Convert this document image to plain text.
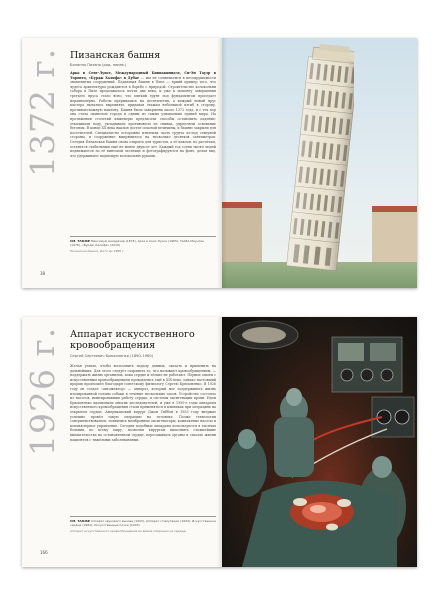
1372 г. Пизанская башня
Бонанно Пизано (род. неизв.)
Арка в Сент-Луисе, Международный Бивиакинидзе, Си-Эн Тауэр в Торонто, «Бурдж Халифа» в Дубае — мы не сомневаемся в несокрушимости знаменитых сооружений. Падающая башня в Пизе — яркий пример того, что чудеса архитектуры рождаются в борьбе с природой. Строительство колокольни собора в Пизе продолжалось почти два века, и уже к моменту завершения третьего яруса стало ясно, что мягкий грунт под фундаментом проседает неравномерно. Работы прерывались на десятилетия, а каждый новый ярус мастера пытались выровнять, придавая этажам небольшой изгиб в сторону, противоположную наклону. Башня была завершена около 1372 года, и с тех пор она стала символом города и одним из самых узнаваемых зданий мира. На протяжении столетий инженеры предлагали способы остановить падение: откачивали воду, укладывали противовесы из свинца, укрепляли основание бетоном. В конце XX века наклон достиг опасной величины, и башню закрыли для посетителей. Специалисты осторожно извлекли часть грунта из-под северной стороны, и сооружение выпрямилось на несколько десятков сантиметров. Сегодня Пизанская башня снова открыта для туристов, а её наклон, по расчётам, останется стабильным ещё не менее двухсот лет. Каждый год сотни тысяч людей поднимаются по её винтовой лестнице и фотографируются на фоне, делая вид, что удерживают падающую колокольню руками.
СМ. ТАКЖЕ Максимум Анкарачев (1874), Арка в Сент-Луисе (1965), Тейбл-Маунтин (1978), «Бурдж Халифа» (2010)
Пизанская башня, фото до 1890 г.
38
1926 г. Аппарат искусственного кровообращения
Сергей Сергеевич Брюхоненко (1890–1960)
Желая узнать, чтобы восполнить подачу данных, сказать и применить на дальнейших. Для этого следует сохранить то, что называют кровообращением, — поддержать жизнь организма, пока сердце и лёгкие не работают. Первые опыты с искусственным кровообращением проводились ещё в XIX веке, однако настоящий прорыв произошёл благодаря советскому физиологу Сергею Брюхоненко. В 1926 году он создал «автожектор» — аппарат, который мог поддерживать жизнь изолированной головы собаки в течение нескольких часов. Устройство состояло из насосов, имитировавших работу сердца, и системы оксигенации крови. Идеи Брюхоненко вдохновили многих исследователей, и уже в 1950-е годы аппараты искусственного кровообращения стали применяться в клиниках при операциях на открытом сердце. Американский хирург Джон Гиббон в 1953 году впервые успешно провёл такую операцию на человеке. Позже технологии совершенствовались: появились мембранные оксигенаторы, компактные насосы и компьютерное управление. Сегодня подобные аппараты используются в тысячах больниц по всему миру, позволяя хирургам выполнять сложнейшие вмешательства на остановленном сердце, пересаживать органы и спасать жизни пациентов с тяжёлыми заболеваниями.
СМ. ТАКЖЕ Аппарат звукового вызова (1903), Аппарат стимуляции (1932), Искусственное сердце (1982), Искусственные почки (1943)
Аппарат искусственного кровообращения во время операции на сердце.
166
